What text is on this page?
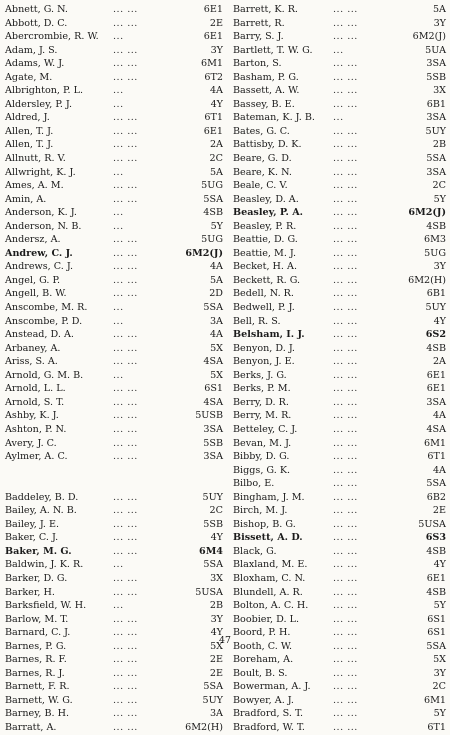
Abnett, G. N.	... ...	6E1
Abbott, D. C.	... ...	2E
Abercrombie, R. W. ...	6E1
Adam, J. S.	... ...	3Y
Adams, W. J.	... ...	6M1
Agate, M.	... ...	6T2
Albrighton, P. L.	...	4A
Aldersley, P. J.	...	4Y
Aldred, J.	... ...	6T1
Allen, T. J.	... ...	6E1
Allen, T. J.	... ...	2A
Allnutt, R. V.	... ...	2C
Allwright, K. J.	...	5A
Ames, A. M.	... ...	5UG
Amin, A.	... ...	5SA
Anderson, K. J.	...	4SB
Anderson, N. B.	...	5Y
Andersz, A.	... ...	5UG
Andrew, C. J.	... ...	6M2(J)
Andrews, C. J.	... ...	4A
Angel, G. P.	... ...	5A
Angell, B. W.	... ...	2D
Anscombe, M. R.	...	5SA
Anscombe, P. D.	...	3A
Anstead, D. A.	... ...	4A
Arbaney, A.	... ...	5X
Ariss, S. A.	... ...	4SA
Arnold, G. M. B.	...	5X
Arnold, L. L.	... ...	6S1
Arnold, S. T.	... ...	4SA
Ashby, K. J.	... ...	5USB
Ashton, P. N.	... ...	3SA
Avery, J. C.	... ...	5SB
Aylmer, A. C.	... ...	3SA
Baddeley, B. D.	... ...	5UY
Bailey, A. N. B.	... ...	2C
Bailey, J. E.	... ...	5SB
Baker, C. J.	... ...	4Y
Baker, M. G.	... ...	6M4
Baldwin, J. K. R.	...	5SA
Barker, D. G.	... ...	3X
Barker, H.	... ...	5USA
Barksfield, W. H.	...	2B
Barlow, M. T.	... ...	3Y
Barnard, C. J.	... ...	4Y
Barnes, P. G.	... ...	5X
Barnes, R. F.	... ...	2E
Barnes, R. J.	... ...	2E
Barnett, F. R.	... ...	5SA
Barnett, W. G.	... ...	5UY
Barney, B. H.	... ...	3A
Barratt, A.	... ...	6M2(H)
Barrett, K. R.	... ...	5A
Barrett, R.	... ...	3Y
Barry, S. J.	... ...	6M2(J)
Bartlett, T. W. G. ...	5UA
Barton, S.	... ...	3SA
Basham, P. G.	... ...	5SB
Bassett, A. W.	... ...	3X
Bassey, B. E.	... ...	6B1
Bateman, K. J. B. ...	3SA
Bates, G. C.	... ...	5UY
Battisby, D. K.	... ...	2B
Beare, G. D.	... ...	5SA
Beare, K. N.	... ...	3SA
Beale, C. V.	... ...	2C
Beasley, D. A.	... ...	5Y
Beasley, P. A.	... ...	6M2(J)
Beasley, P. R.	... ...	4SB
Beattie, D. G.	... ...	6M3
Beattie, M. J.	... ...	5UG
Becket, H. A.	... ...	3Y
Beckett, R. G.	... ...	6M2(H)
Bedell, N. R.	... ...	6B1
Bedwell, P. J.	... ...	5UY
Bell, R. S.	... ...	4Y
Belsham, I. J.	... ...	6S2
Benyon, D. J.	... ...	4SB
Benyon, J. E.	... ...	2A
Berks, J. G.	... ...	6E1
Berks, P. M.	... ...	6E1
Berry, D. R.	... ...	3SA
Berry, M. R.	... ...	4A
Betteley, C. J.	... ...	4SA
Bevan, M. J.	... ...	6M1
Bibby, D. G.	... ...	6T1
Biggs, G. K.	... ...	4A
Bilbo, E.	... ...	5SA
Bingham, J. M.	... ...	6B2
Birch, M. J.	... ...	2E
Bishop, B. G.	... ...	5USA
Bissett, A. D.	... ...	6S3
Black, G.	... ...	4SB
Blaxland, M. E.	... ...	4Y
Bloxham, C. N.	... ...	6E1
Blundell, A. R.	... ...	4SB
Bolton, A. C. H.	... ...	5Y
Boobier, D. L.	... ...	6S1
Boord, P. H.	... ...	6S1
Booth, C. W.	... ...	5SA
Boreham, A.	... ...	5X
Boult, B. S.	... ...	3Y
Bowerman, A. J. ... ...	2C
Bowyer, A. J.	... ...	6M1
Bradford, S. T.	... ...	5Y
Bradford, W. T.	... ...	6T1
47
